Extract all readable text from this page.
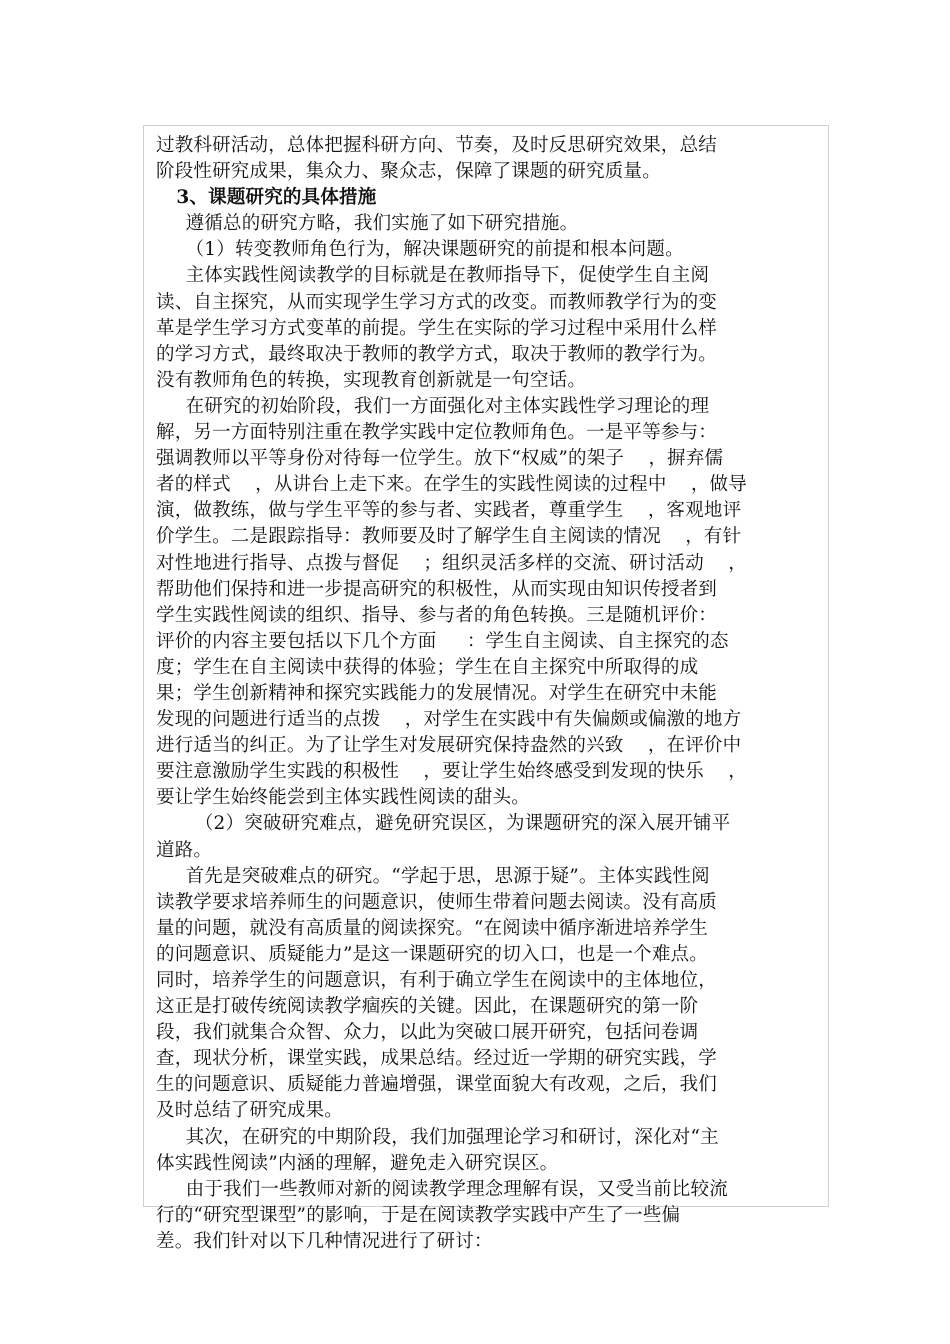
过教科研活动，总体把握科研方向、节奏，及时反思研究效果，总结
阶段性研究成果，集众力、聚众志，保障了课题的研究质量。
3、课题研究的具体措施
遵循总的研究方略，我们实施了如下研究措施。
（1）转变教师角色行为，解决课题研究的前提和根本问题。
主体实践性阅读教学的目标就是在教师指导下，促使学生自主阅
读、自主探究，从而实现学生学习方式的改变。而教师教学行为的变
革是学生学习方式变革的前提。学生在实际的学习过程中采用什么样
的学习方式，最终取决于教师的教学方式，取决于教师的教学行为。
没有教师角色的转换，实现教育创新就是一句空话。
在研究的初始阶段，我们一方面强化对主体实践性学习理论的理
解，另一方面特别注重在教学实践中定位教师角色。一是平等参与：
强调教师以平等身份对待每一位学生。放下“权威”的架子    ，摒弃儒
者的样式    ，从讲台上走下来。在学生的实践性阅读的过程中    ，做导
演，做教练，做与学生平等的参与者、实践者，尊重学生    ，客观地评
价学生。二是跟踪指导：教师要及时了解学生自主阅读的情况    ，有针
对性地进行指导、点拨与督促    ；组织灵活多样的交流、研讨活动    ，
帮助他们保持和进一步提高研究的积极性，从而实现由知识传授者到
学生实践性阅读的组织、指导、参与者的角色转换。三是随机评价：
评价的内容主要包括以下几个方面     ：学生自主阅读、自主探究的态
度；学生在自主阅读中获得的体验；学生在自主探究中所取得的成
果；学生创新精神和探究实践能力的发展情况。对学生在研究中未能
发现的问题进行适当的点拨    ，对学生在实践中有失偏颇或偏激的地方
进行适当的纠正。为了让学生对发展研究保持盎然的兴致    ，在评价中
要注意激励学生实践的积极性    ，要让学生始终感受到发现的快乐    ，
要让学生始终能尝到主体实践性阅读的甜头。
（2）突破研究难点，避免研究误区，为课题研究的深入展开铺平
道路。
首先是突破难点的研究。“学起于思，思源于疑”。主体实践性阅
读教学要求培养师生的问题意识，使师生带着问题去阅读。没有高质
量的问题，就没有高质量的阅读探究。“在阅读中循序渐进培养学生
的问题意识、质疑能力”是这一课题研究的切入口，也是一个难点。
同时，培养学生的问题意识，有利于确立学生在阅读中的主体地位，
这正是打破传统阅读教学痼疾的关键。因此，在课题研究的第一阶
段，我们就集合众智、众力，以此为突破口展开研究，包括问卷调
查，现状分析，课堂实践，成果总结。经过近一学期的研究实践，学
生的问题意识、质疑能力普遍增强，课堂面貌大有改观，之后，我们
及时总结了研究成果。
其次，在研究的中期阶段，我们加强理论学习和研讨，深化对“主
体实践性阅读”内涵的理解，避免走入研究误区。
由于我们一些教师对新的阅读教学理念理解有误，又受当前比较流
行的“研究型课型”的影响，于是在阅读教学实践中产生了一些偏
差。我们针对以下几种情况进行了研讨：
